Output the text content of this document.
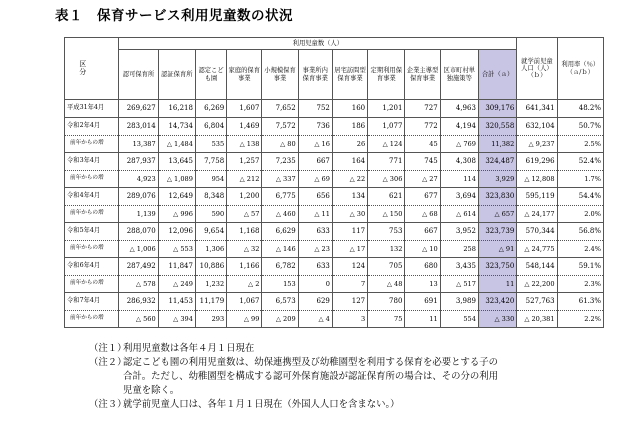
表１ 保育サービス利用児童数の状況
区　分	利用児童数（人）											就学前児童人口（人）（ｂ）	利用率（％）（ａ/ｂ）
	認可保育所	認証保育所	認定こども園	家庭的保育事業	小規模保育事業	事業所内保育事業	居宅訪問型保育事業	定期利用保育事業	企業主導型保育事業	区市町村単独施策等	合計（ａ）		
平成31年4月	269,627	16,218	6,269	1,607	7,652	752	160	1,201	727	4,963	309,176	641,341	48.2%
令和2年4月	283,014	14,734	6,804	1,469	7,572	736	186	1,077	772	4,194	320,558	632,104	50.7%
前年からの増	13,387	△ 1,484	535	△ 138	△ 80	△ 16	26	△ 124	45	△ 769	11,382	△ 9,237	2.5%
令和3年4月	287,937	13,645	7,758	1,257	7,235	667	164	771	745	4,308	324,487	619,296	52.4%
前年からの増	4,923	△ 1,089	954	△ 212	△ 337	△ 69	△ 22	△ 306	△ 27	114	3,929	△ 12,808	1.7%
令和4年4月	289,076	12,649	8,348	1,200	6,775	656	134	621	677	3,694	323,830	595,119	54.4%
前年からの増	1,139	△ 996	590	△ 57	△ 460	△ 11	△ 30	△ 150	△ 68	△ 614	△ 657	△ 24,177	2.0%
令和5年4月	288,070	12,096	9,654	1,168	6,629	633	117	753	667	3,952	323,739	570,344	56.8%
前年からの増	△ 1,006	△ 553	1,306	△ 32	△ 146	△ 23	△ 17	132	△ 10	258	△ 91	△ 24,775	2.4%
令和6年4月	287,492	11,847	10,886	1,166	6,782	633	124	705	680	3,435	323,750	548,144	59.1%
前年からの増	△ 578	△ 249	1,232	△ 2	153	0	7	△ 48	13	△ 517	11	△ 22,200	2.3%
令和7年4月	286,932	11,453	11,179	1,067	6,573	629	127	780	691	3,989	323,420	527,763	61.3%
前年からの増	△ 560	△ 394	293	△ 99	△ 209	△ 4	3	75	11	554	△ 330	△ 20,381	2.2%
（注１）
利用児童数は各年４月１日現在
（注２）
認定こども園の利用児童数は、幼保連携型及び幼稚園型を利用する保育を必要とする子の
合計。ただし、幼稚園型を構成する認可外保育施設が認証保育所の場合は、その分の利用
児童を除く。
（注３）
就学前児童人口は、各年１月１日現在（外国人人口を含まない。）
